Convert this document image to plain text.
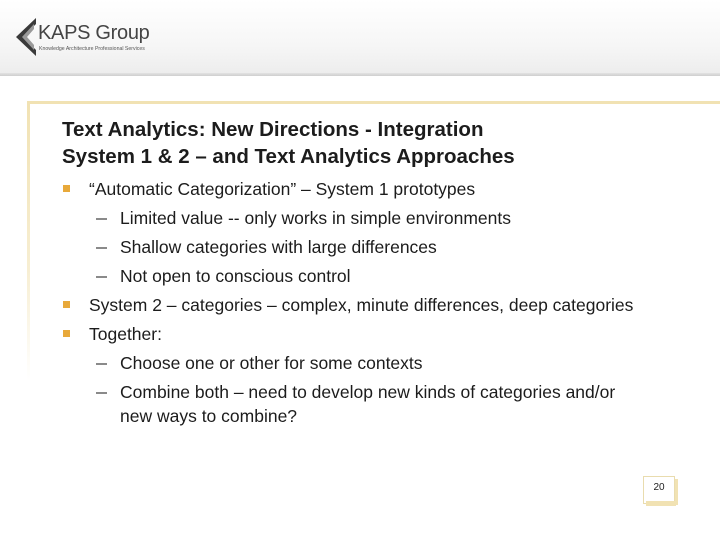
KAPS Group
Knowledge Architecture Professional Services
Text Analytics: New Directions - Integration
System 1 & 2 – and Text Analytics Approaches
“Automatic Categorization” – System 1 prototypes
Limited value -- only works in simple environments
Shallow categories with large differences
Not open to conscious control
System 2 – categories – complex, minute differences, deep categories
Together:
Choose one or other for some contexts
Combine both – need to develop new kinds of categories and/or new ways to combine?
20
